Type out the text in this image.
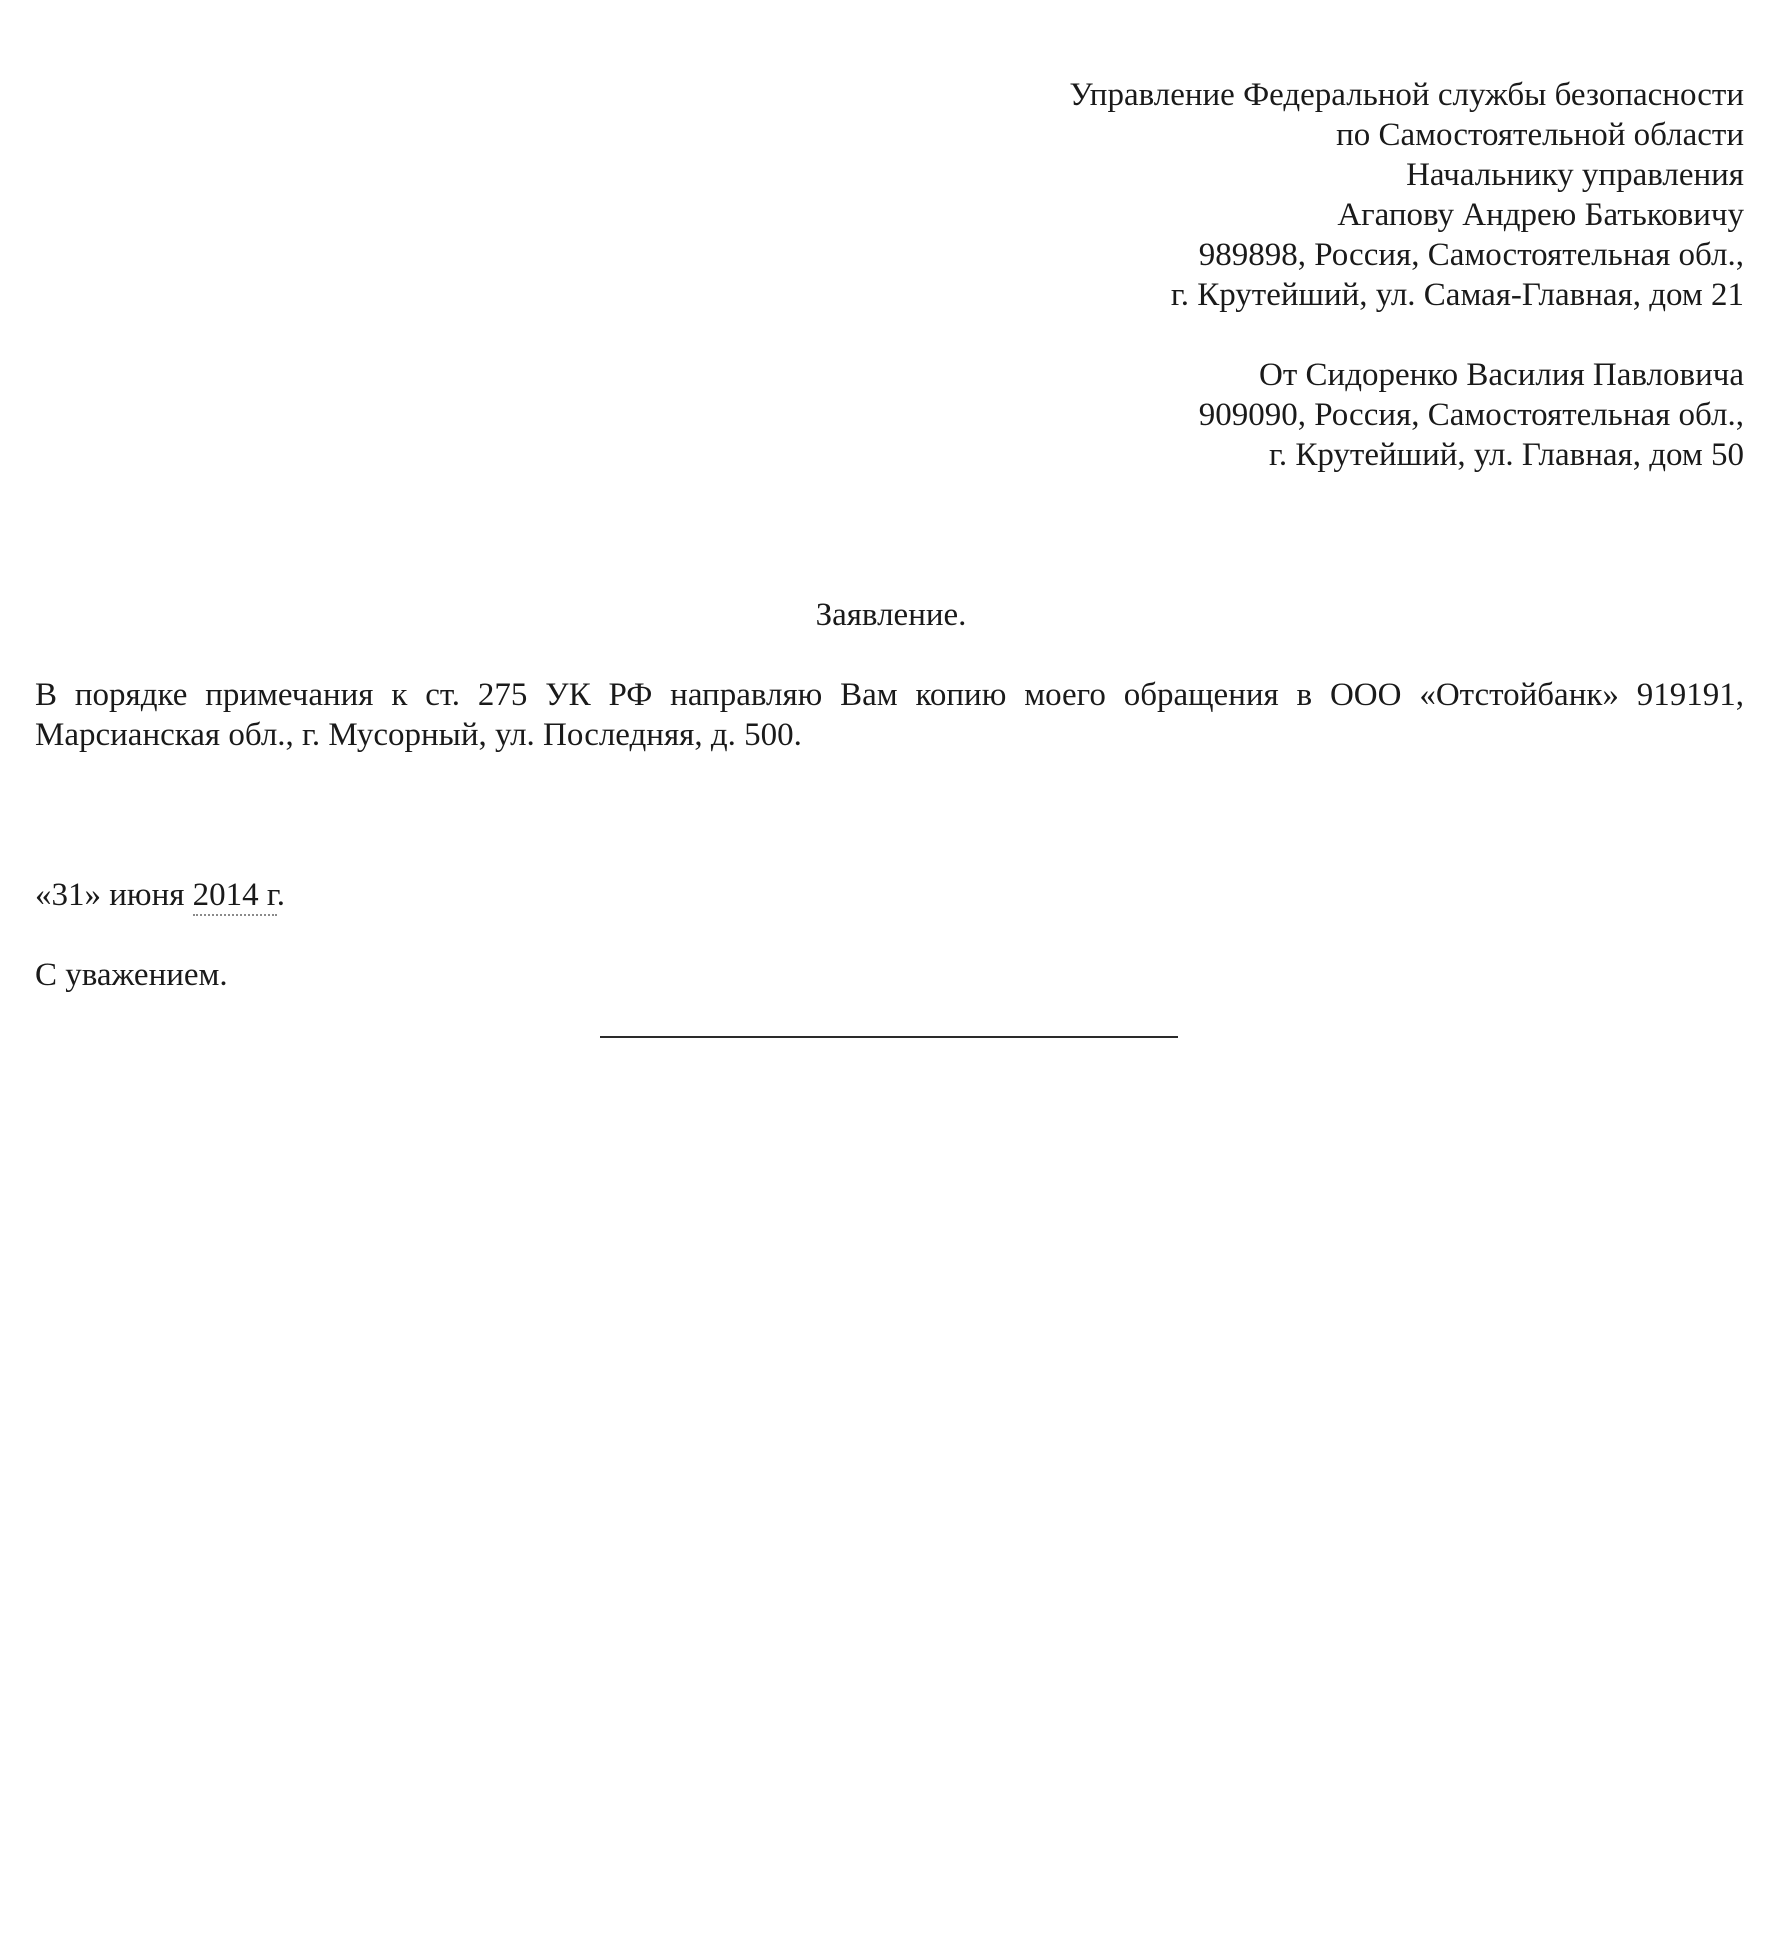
Управление Федеральной службы безопасности
по Самостоятельной области
Начальнику управления
Агапову Андрею Батьковичу
989898, Россия, Самостоятельная обл.,
г. Крутейший, ул. Самая-Главная, дом 21
От Сидоренко Василия Павловича
909090, Россия, Самостоятельная обл.,
г. Крутейший, ул. Главная, дом 50
Заявление.
В порядке примечания к ст. 275 УК РФ направляю Вам копию моего обращения в ООО «Отстойбанк» 919191, Марсианская обл., г. Мусорный, ул. Последняя, д. 500.
«31» июня 2014 г.
С уважением.
